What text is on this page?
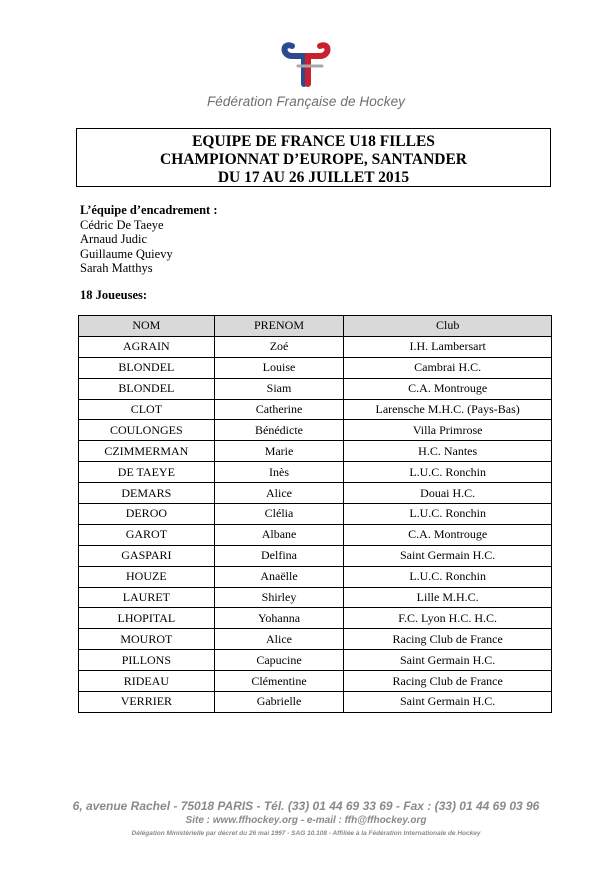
Fédération Française de Hockey
EQUIPE DE FRANCE U18 FILLES
CHAMPIONNAT D’EUROPE, SANTANDER
DU 17 AU 26 JUILLET 2015
L’équipe d’encadrement :
Cédric De Taeye
Arnaud Judic
Guillaume Quievy
Sarah Matthys
18 Joueuses:
NOM	PRENOM	Club
AGRAIN	Zoé	I.H. Lambersart
BLONDEL	Louise	Cambrai H.C.
BLONDEL	Siam	C.A. Montrouge
CLOT	Catherine	Larensche M.H.C. (Pays-Bas)
COULONGES	Bénédicte	Villa Primrose
CZIMMERMAN	Marie	H.C. Nantes
DE TAEYE	Inès	L.U.C. Ronchin
DEMARS	Alice	Douai H.C.
DEROO	Clélia	L.U.C. Ronchin
GAROT	Albane	C.A. Montrouge
GASPARI	Delfina	Saint Germain H.C.
HOUZE	Anaëlle	L.U.C. Ronchin
LAURET	Shirley	Lille M.H.C.
LHOPITAL	Yohanna	F.C. Lyon H.C. H.C.
MOUROT	Alice	Racing Club de France
PILLONS	Capucine	Saint Germain H.C.
RIDEAU	Clémentine	Racing Club de France
VERRIER	Gabrielle	Saint Germain H.C.
6, avenue Rachel - 75018 PARIS - Tél. (33) 01 44 69 33 69 - Fax : (33) 01 44 69 03 96
Site : www.ffhockey.org - e-mail : ffh@ffhockey.org
Délégation Ministérielle par décret du 26 mai 1997 - SAG 10.108 - Affiliée à la Fédération Internationale de Hockey
